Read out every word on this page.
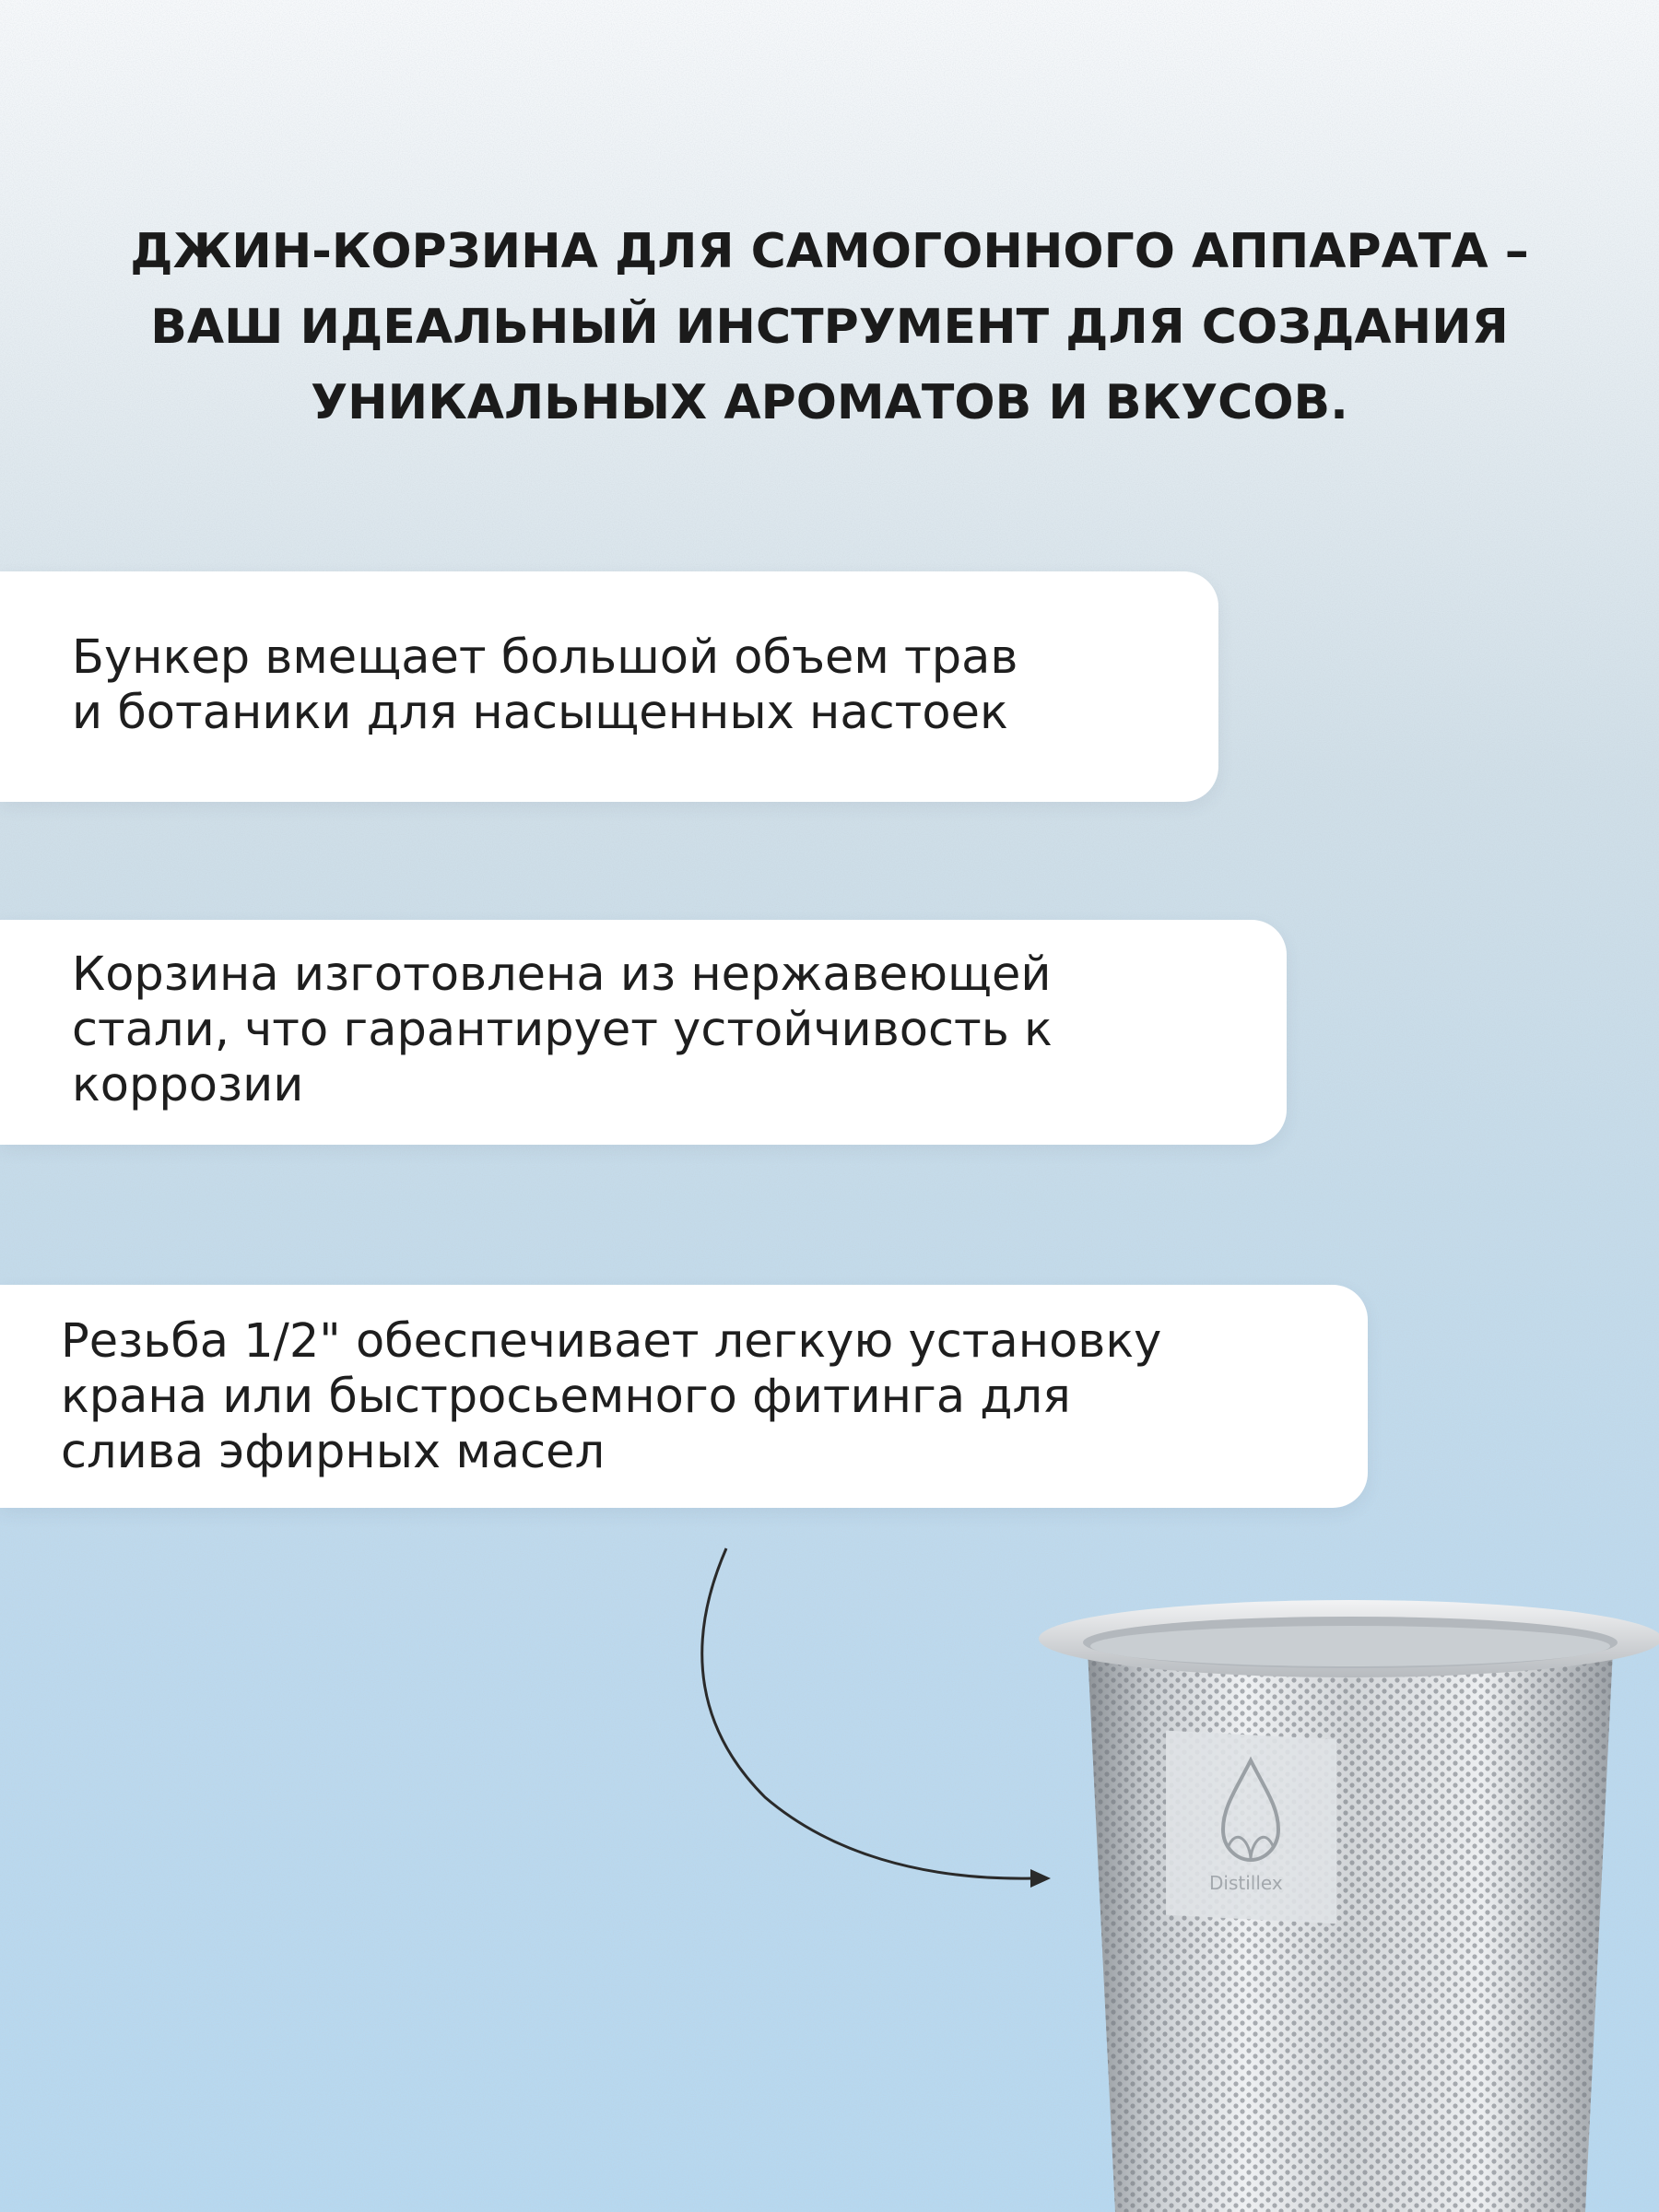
ДЖИН-КОРЗИНА ДЛЯ САМОГОННОГО АППАРАТА –
ВАШ ИДЕАЛЬНЫЙ ИНСТРУМЕНТ ДЛЯ СОЗДАНИЯ
УНИКАЛЬНЫХ АРОМАТОВ И ВКУСОВ.
Бункер вмещает большой объем трав
и ботаники для насыщенных настоек
Корзина изготовлена из нержавеющей
стали, что гарантирует устойчивость к
коррозии
Резьба 1/2" обеспечивает легкую установку
крана или быстросьемного фитинга для
слива эфирных масел
Distillex
